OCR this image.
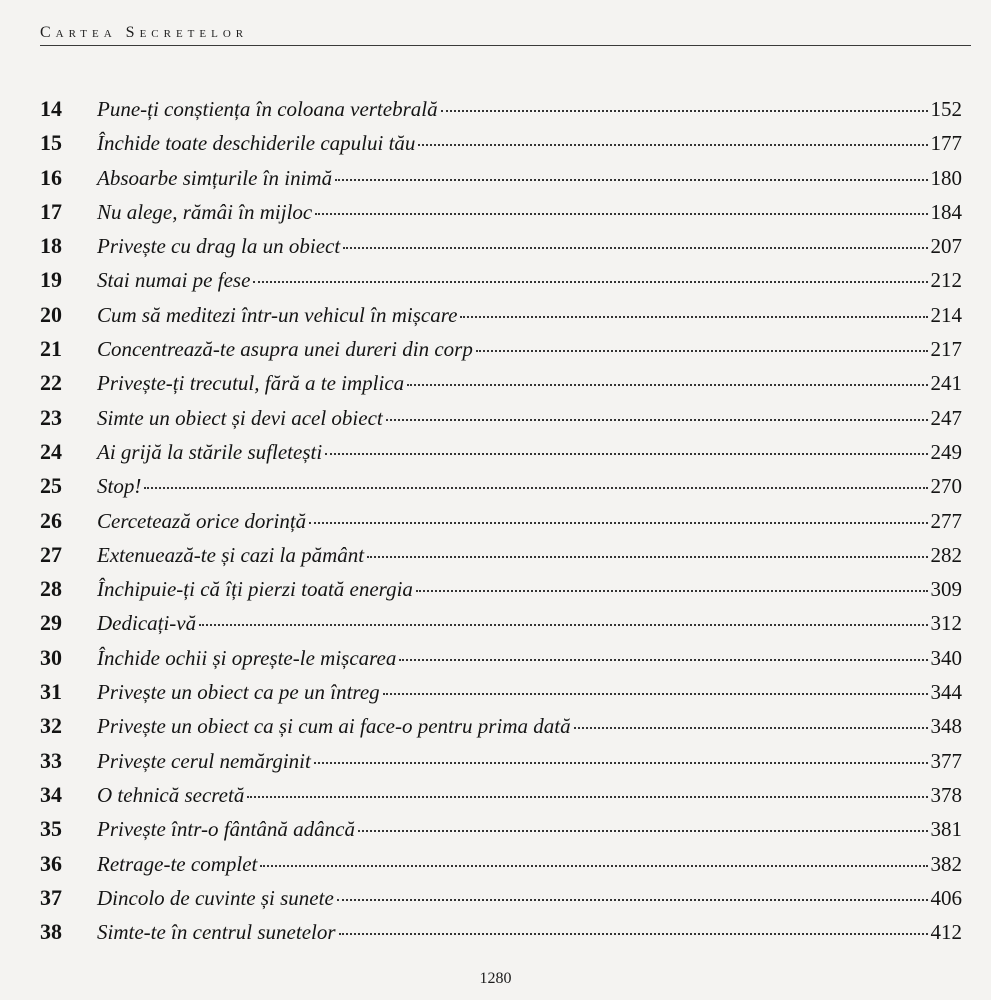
Cartea Secretelor
14	Pune-ți conștiența în coloana vertebrală	152
15	Închide toate deschiderile capului tău	177
16	Absoarbe simțurile în inimă	180
17	Nu alege, rămâi în mijloc	184
18	Privește cu drag la un obiect	207
19	Stai numai pe fese	212
20	Cum să meditezi într-un vehicul în mișcare	214
21	Concentrează-te asupra unei dureri din corp	217
22	Privește-ți trecutul, fără a te implica	241
23	Simte un obiect și devi acel obiect	247
24	Ai grijă la stările sufletești	249
25	Stop!	270
26	Cercetează orice dorință	277
27	Extenuează-te și cazi la pământ	282
28	Închipuie-ți că îți pierzi toată energia	309
29	Dedicați-vă	312
30	Închide ochii și oprește-le mișcarea	340
31	Privește un obiect ca pe un întreg	344
32	Privește un obiect ca și cum ai face-o pentru prima dată	348
33	Privește cerul nemărginit	377
34	O tehnică secretă	378
35	Privește într-o fântână adâncă	381
36	Retrage-te complet	382
37	Dincolo de cuvinte și sunete	406
38	Simte-te în centrul sunetelor	412
1280
